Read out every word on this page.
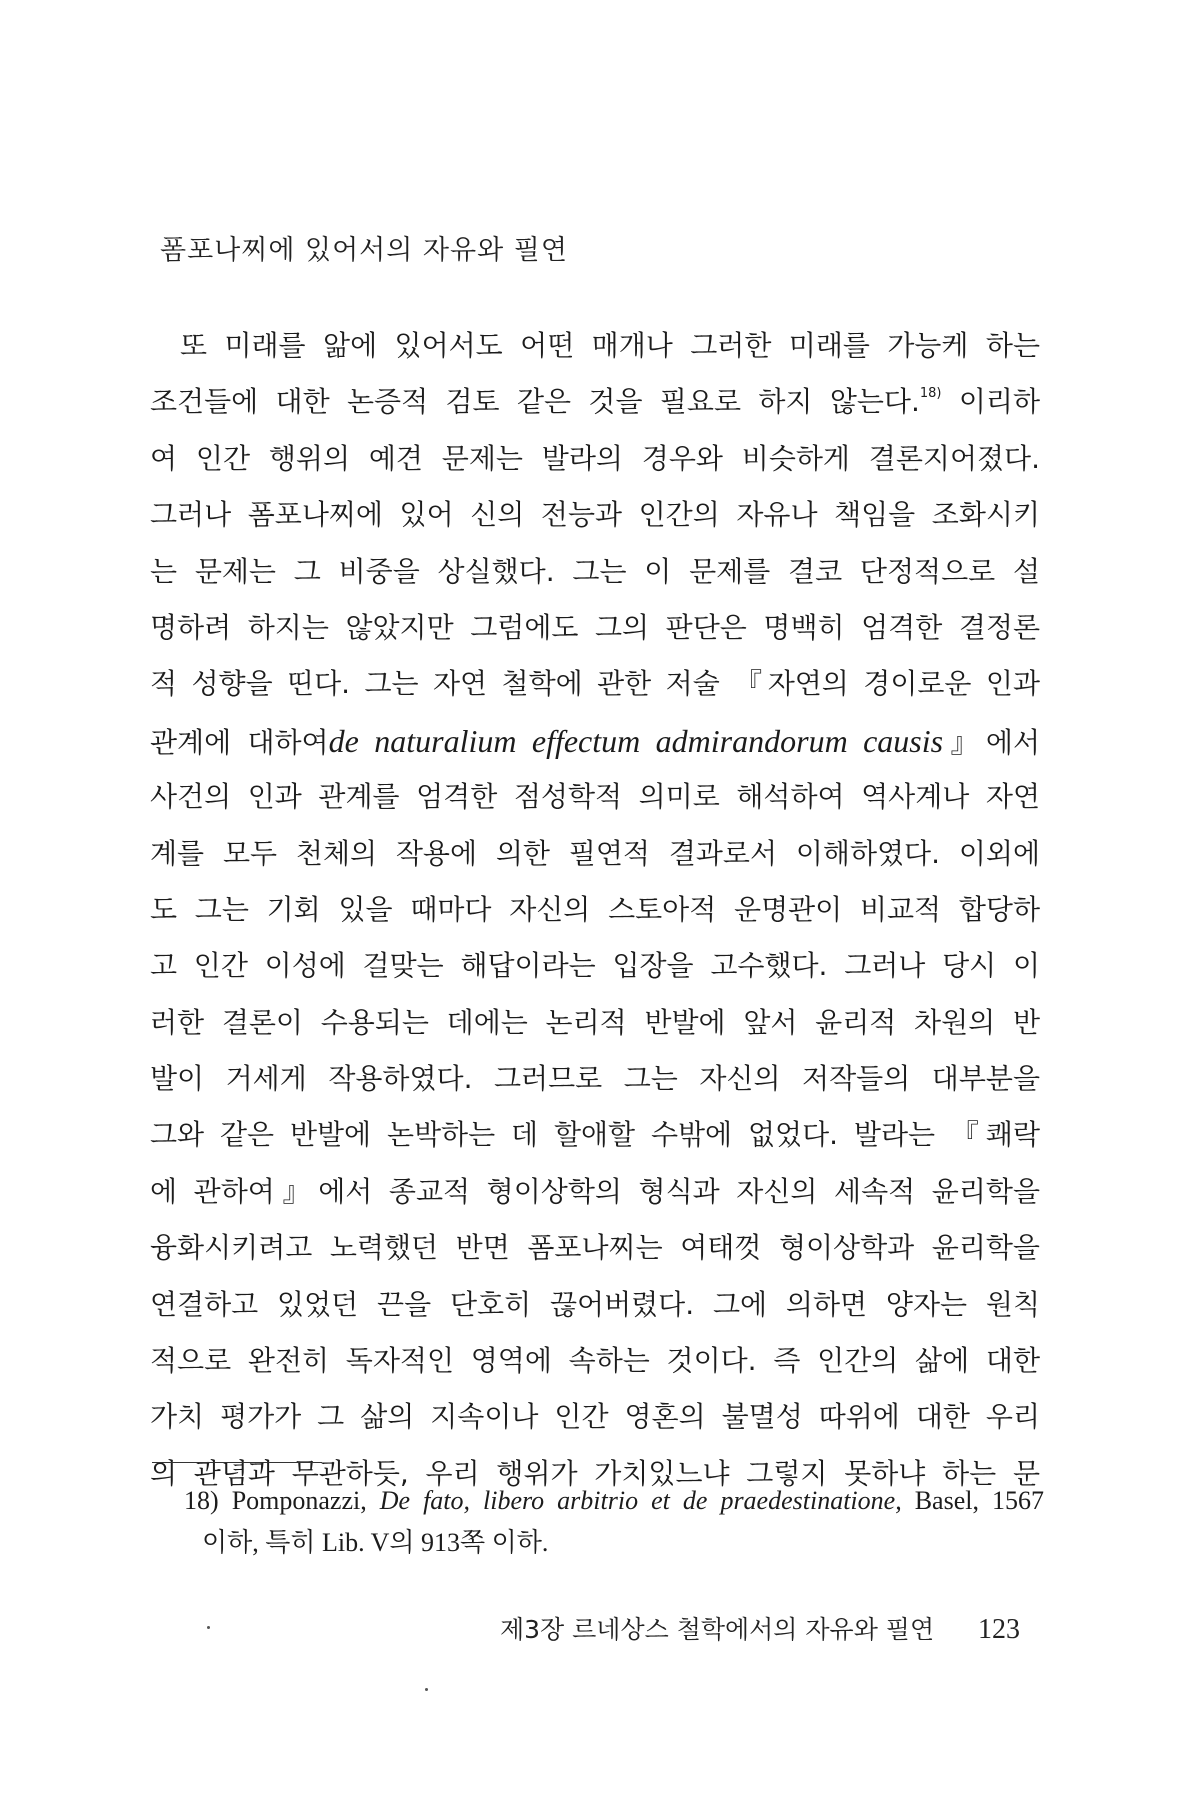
폼포나찌에 있어서의 자유와 필연
또 미래를 앎에 있어서도 어떤 매개나 그러한 미래를 가능케 하는
조건들에 대한 논증적 검토 같은 것을 필요로 하지 않는다.$^{18)}$ 이리하
여 인간 행위의 예견 문제는 발라의 경우와 비슷하게 결론지어졌다.
그러나 폼포나찌에 있어 신의 전능과 인간의 자유나 책임을 조화시키
는 문제는 그 비중을 상실했다. 그는 이 문제를 결코 단정적으로 설
명하려 하지는 않았지만 그럼에도 그의 판단은 명백히 엄격한 결정론
적 성향을 띤다. 그는 자연 철학에 관한 저술 『자연의 경이로운 인과
관계에 대하여de naturalium effectum admirandorum causis』에서
사건의 인과 관계를 엄격한 점성학적 의미로 해석하여 역사계나 자연
계를 모두 천체의 작용에 의한 필연적 결과로서 이해하였다. 이외에
도 그는 기회 있을 때마다 자신의 스토아적 운명관이 비교적 합당하
고 인간 이성에 걸맞는 해답이라는 입장을 고수했다. 그러나 당시 이
러한 결론이 수용되는 데에는 논리적 반발에 앞서 윤리적 차원의 반
발이 거세게 작용하였다. 그러므로 그는 자신의 저작들의 대부분을
그와 같은 반발에 논박하는 데 할애할 수밖에 없었다. 발라는 『쾌락
에 관하여』에서 종교적 형이상학의 형식과 자신의 세속적 윤리학을
융화시키려고 노력했던 반면 폼포나찌는 여태껏 형이상학과 윤리학을
연결하고 있었던 끈을 단호히 끊어버렸다. 그에 의하면 양자는 원칙
적으로 완전히 독자적인 영역에 속하는 것이다. 즉 인간의 삶에 대한
가치 평가가 그 삶의 지속이나 인간 영혼의 불멸성 따위에 대한 우리
의 관념과 무관하듯, 우리 행위가 가치있느냐 그렇지 못하냐 하는 문
18) Pomponazzi, De fato, libero arbitrio et de praedestinatione, Basel, 1567
이하, 특히 Lib. V의 913쪽 이하.
제3장 르네상스 철학에서의 자유와 필연 123
